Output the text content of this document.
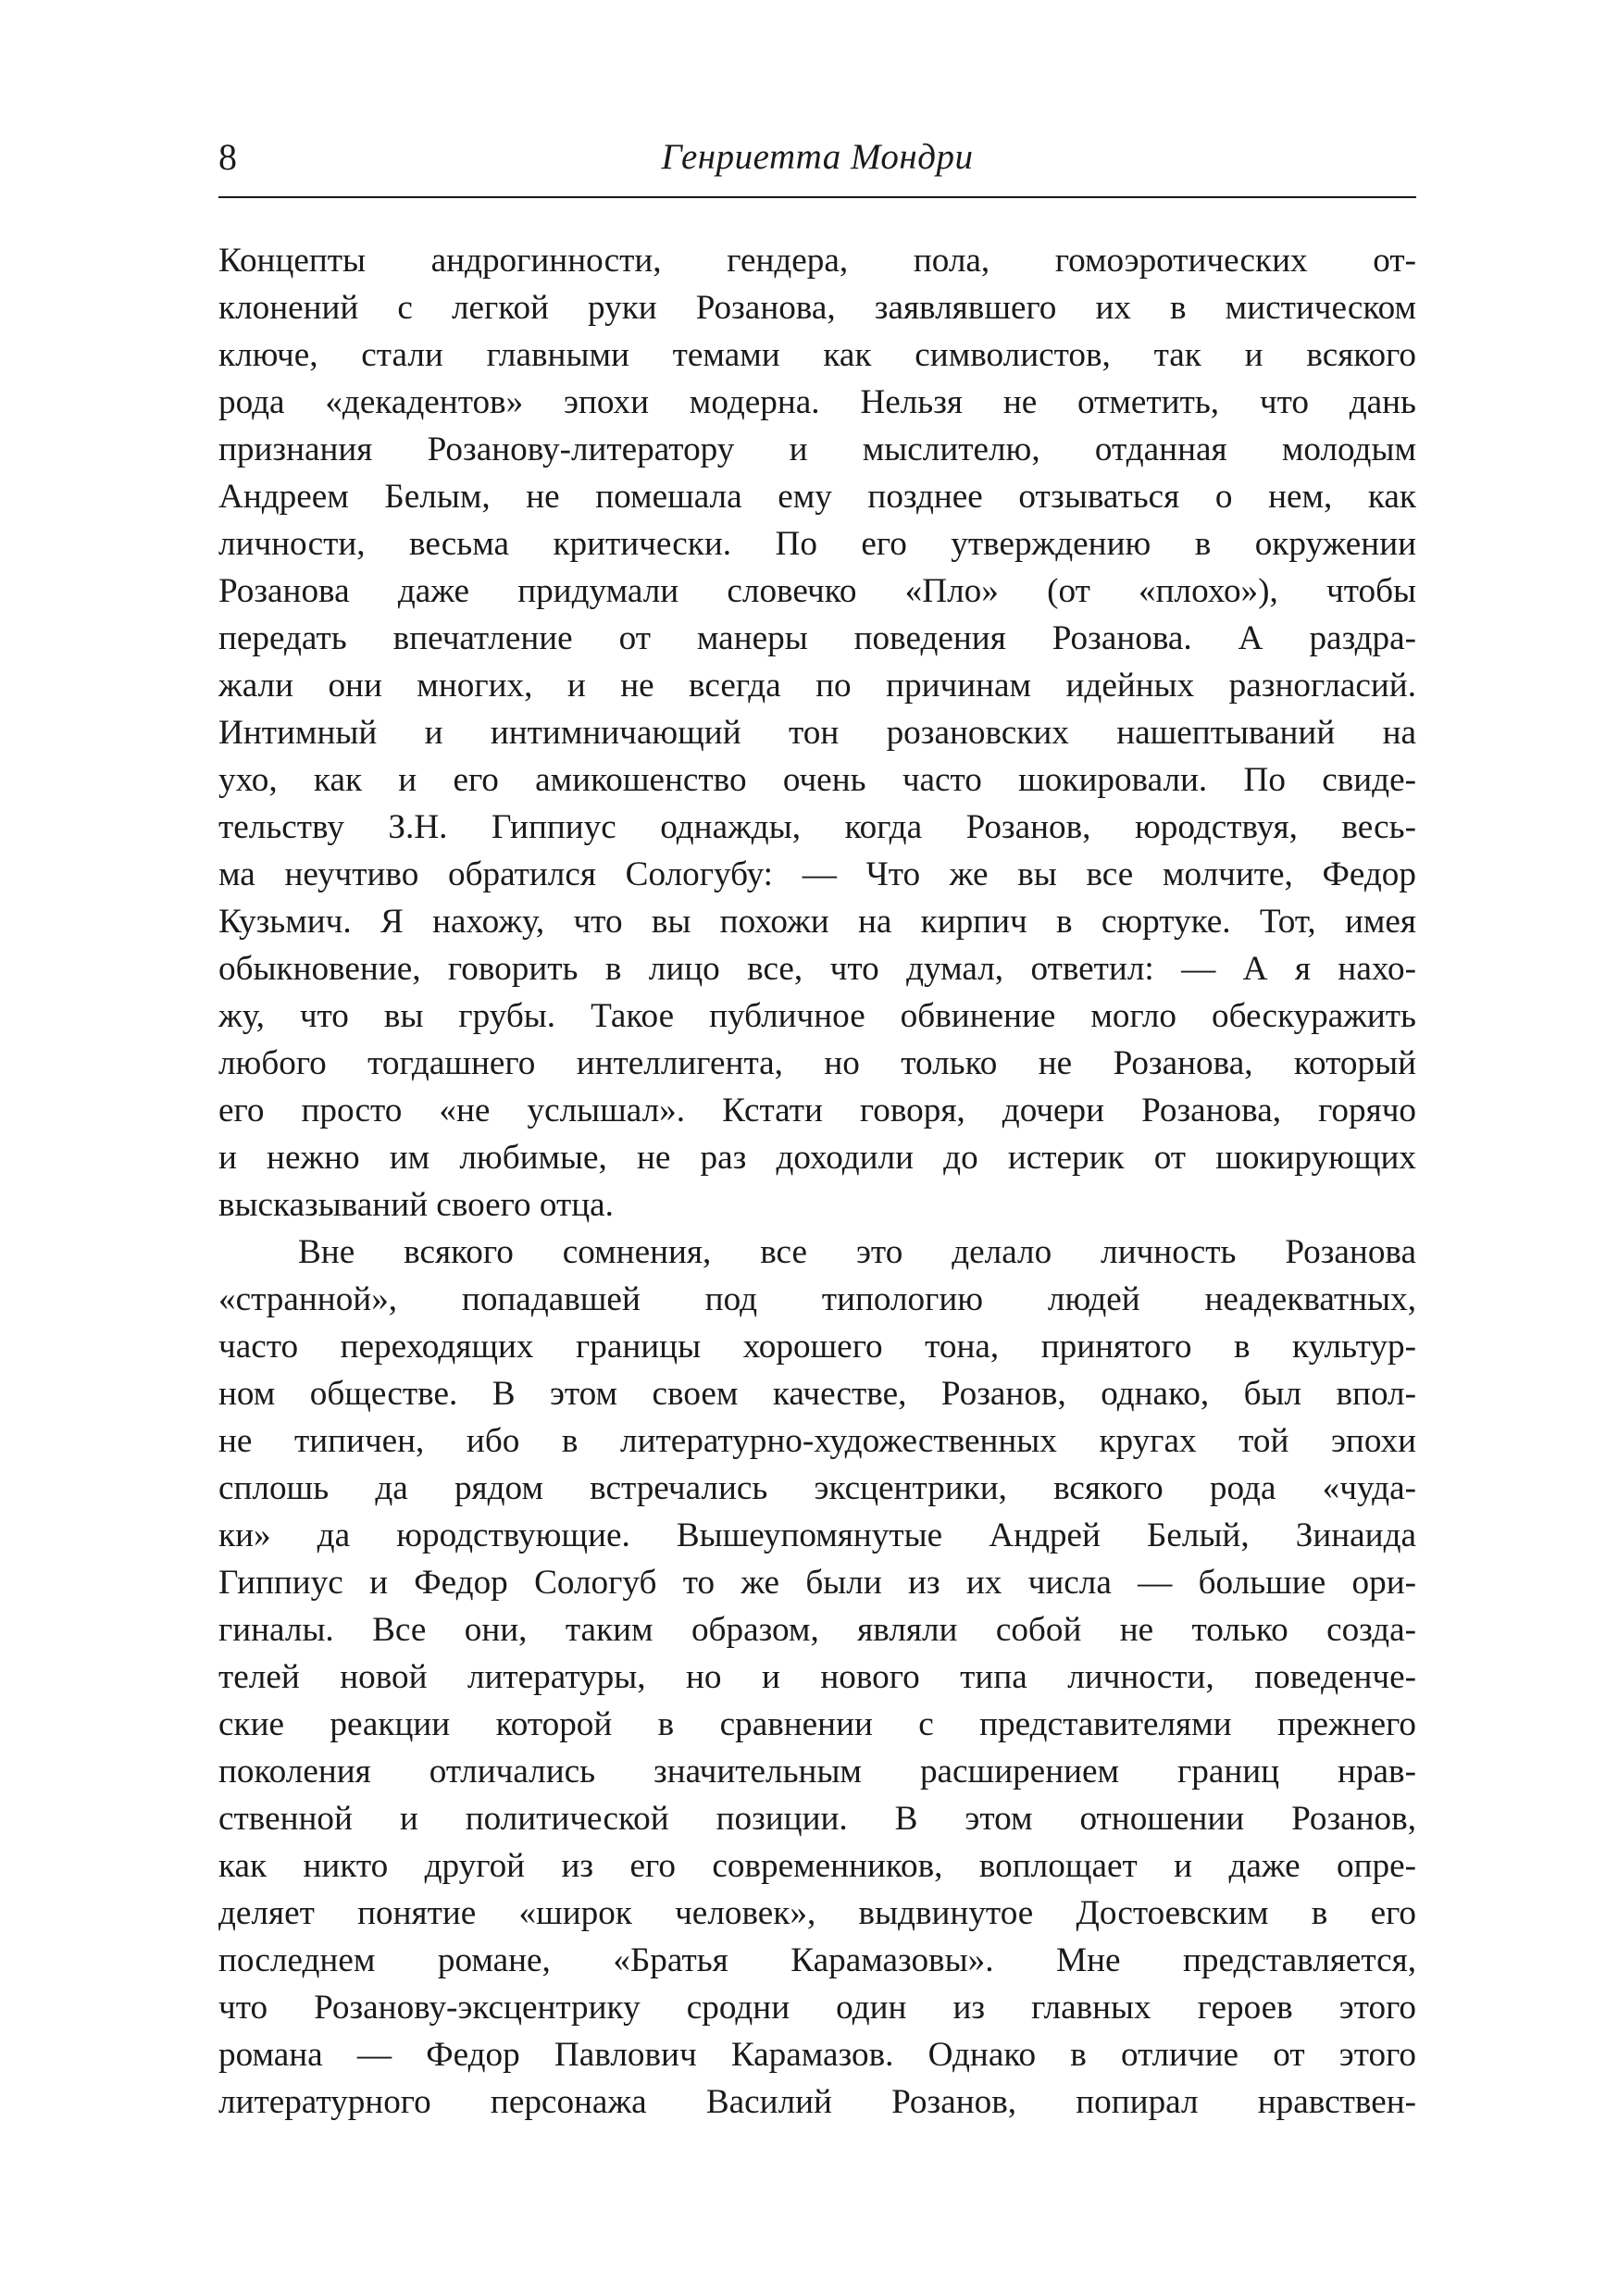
8	Генриетта Мондри
Концепты андрогинности, гендера, пола, гомоэротических от-
клонений с легкой руки Розанова, заявлявшего их в мистическом
ключе, стали главными темами как символистов, так и всякого
рода «декадентов» эпохи модерна. Нельзя не отметить, что дань
признания Розанову-литератору и мыслителю, отданная молодым
Андреем Белым, не помешала ему позднее отзываться о нем, как
личности, весьма критически. По его утверждению в окружении
Розанова даже придумали словечко «Пло» (от «плохо»), чтобы
передать впечатление от манеры поведения Розанова. А раздра-
жали они многих, и не всегда по причинам идейных разногласий.
Интимный и интимничающий тон розановских нашептываний на
ухо, как и его амикошенство очень часто шокировали. По свиде-
тельству З.Н. Гиппиус однажды, когда Розанов, юродствуя, весь-
ма неучтиво обратился Сологубу: — Что же вы все молчите, Федор
Кузьмич. Я нахожу, что вы похожи на кирпич в сюртуке. Тот, имея
обыкновение, говорить в лицо все, что думал, ответил: — А я нахо-
жу, что вы грубы. Такое публичное обвинение могло обескуражить
любого тогдашнего интеллигента, но только не Розанова, который
его просто «не услышал». Кстати говоря, дочери Розанова, горячо
и нежно им любимые, не раз доходили до истерик от шокирующих
высказываний своего отца.
Вне всякого сомнения, все это делало личность Розанова
«странной», попадавшей под типологию людей неадекватных,
часто переходящих границы хорошего тона, принятого в культур-
ном обществе. В этом своем качестве, Розанов, однако, был впол-
не типичен, ибо в литературно-художественных кругах той эпохи
сплошь да рядом встречались эксцентрики, всякого рода «чуда-
ки» да юродствующие. Вышеупомянутые Андрей Белый, Зинаида
Гиппиус и Федор Сологуб то же были из их числа — большие ори-
гиналы. Все они, таким образом, являли собой не только созда-
телей новой литературы, но и нового типа личности, поведенче-
ские реакции которой в сравнении с представителями прежнего
поколения отличались значительным расширением границ нрав-
ственной и политической позиции. В этом отношении Розанов,
как никто другой из его современников, воплощает и даже опре-
деляет понятие «широк человек», выдвинутое Достоевским в его
последнем романе, «Братья Карамазовы». Мне представляется,
что Розанову-эксцентрику сродни один из главных героев этого
романа — Федор Павлович Карамазов. Однако в отличие от этого
литературного персонажа Василий Розанов, попирал нравствен-
